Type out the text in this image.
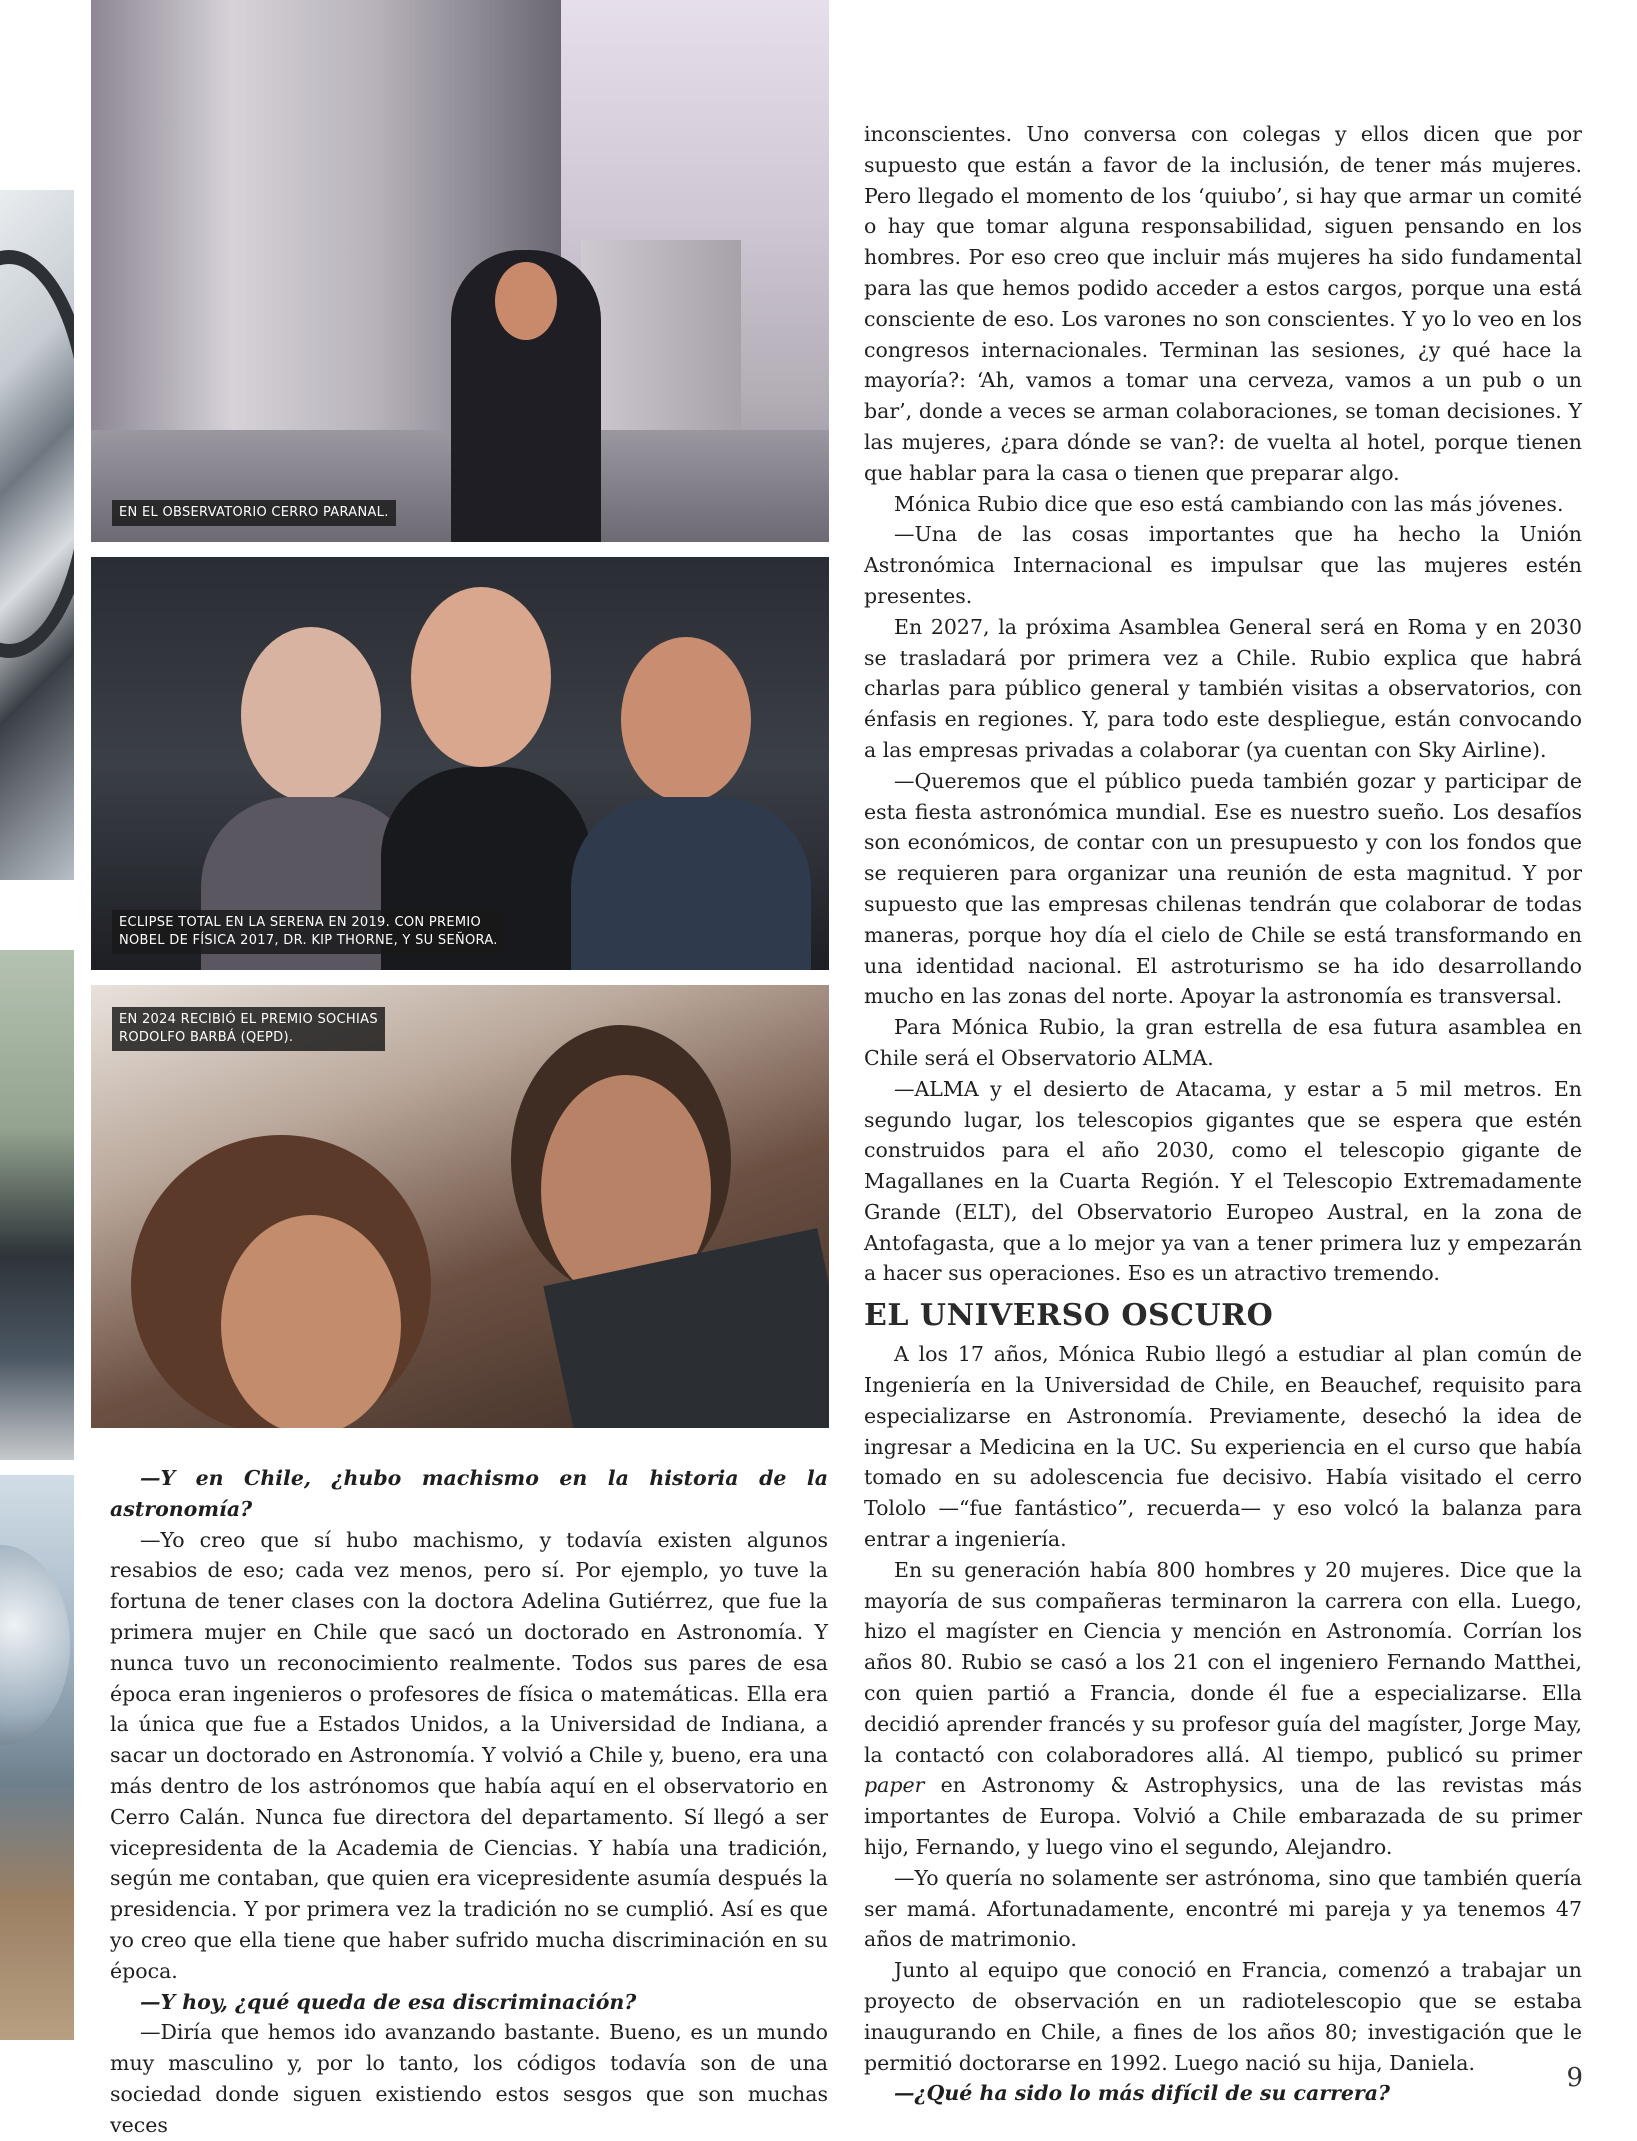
EN EL OBSERVATORIO CERRO PARANAL.
ECLIPSE TOTAL EN LA SERENA EN 2019. CON PREMIO
NOBEL DE FÍSICA 2017, DR. KIP THORNE, Y SU SEÑORA.
EN 2024 RECIBIÓ EL PREMIO SOCHIAS
RODOLFO BARBÁ (QEPD).

—Y en Chile, ¿hubo machismo en la historia de la astronomía?

—Yo creo que sí hubo machismo, y todavía existen algunos resabios de eso; cada vez menos, pero sí. Por ejemplo, yo tuve la fortuna de tener clases con la doctora Adelina Gutiérrez, que fue la primera mujer en Chile que sacó un doctorado en Astronomía. Y nunca tuvo un reconocimiento realmente. Todos sus pares de esa época eran ingenieros o profesores de física o matemáticas. Ella era la única que fue a Estados Unidos, a la Universidad de Indiana, a sacar un doctorado en Astronomía. Y volvió a Chile y, bueno, era una más dentro de los astrónomos que había aquí en el observatorio en Cerro Calán. Nunca fue directora del departamento. Sí llegó a ser vicepresidenta de la Academia de Ciencias. Y había una tradición, según me contaban, que quien era vicepresidente asumía después la presidencia. Y por primera vez la tradición no se cumplió. Así es que yo creo que ella tiene que haber sufrido mucha discriminación en su época.

—Y hoy, ¿qué queda de esa discriminación?

—Diría que hemos ido avanzando bastante. Bueno, es un mundo muy masculino y, por lo tanto, los códigos todavía son de una sociedad donde siguen existiendo estos sesgos que son muchas veces

inconscientes. Uno conversa con colegas y ellos dicen que por supuesto que están a favor de la inclusión, de tener más mujeres. Pero llegado el momento de los ‘quiubo’, si hay que armar un comité o hay que tomar alguna responsabilidad, siguen pensando en los hombres. Por eso creo que incluir más mujeres ha sido fundamental para las que hemos podido acceder a estos cargos, porque una está consciente de eso. Los varones no son conscientes. Y yo lo veo en los congresos internacionales. Terminan las sesiones, ¿y qué hace la mayoría?: ‘Ah, vamos a tomar una cerveza, vamos a un pub o un bar’, donde a veces se arman colaboraciones, se toman decisiones. Y las mujeres, ¿para dónde se van?: de vuelta al hotel, porque tienen que hablar para la casa o tienen que preparar algo.

Mónica Rubio dice que eso está cambiando con las más jóvenes.

—Una de las cosas importantes que ha hecho la Unión Astronómica Internacional es impulsar que las mujeres estén presentes.

En 2027, la próxima Asamblea General será en Roma y en 2030 se trasladará por primera vez a Chile. Rubio explica que habrá charlas para público general y también visitas a observatorios, con énfasis en regiones. Y, para todo este despliegue, están convocando a las empresas privadas a colaborar (ya cuentan con Sky Airline).

—Queremos que el público pueda también gozar y participar de esta fiesta astronómica mundial. Ese es nuestro sueño. Los desafíos son económicos, de contar con un presupuesto y con los fondos que se requieren para organizar una reunión de esta magnitud. Y por supuesto que las empresas chilenas tendrán que colaborar de todas maneras, porque hoy día el cielo de Chile se está transformando en una identidad nacional. El astroturismo se ha ido desarrollando mucho en las zonas del norte. Apoyar la astronomía es transversal.

Para Mónica Rubio, la gran estrella de esa futura asamblea en Chile será el Observatorio ALMA.

—ALMA y el desierto de Atacama, y estar a 5 mil metros. En segundo lugar, los telescopios gigantes que se espera que estén construidos para el año 2030, como el telescopio gigante de Magallanes en la Cuarta Región. Y el Telescopio Extremadamente Grande (ELT), del Observatorio Europeo Austral, en la zona de Antofagasta, que a lo mejor ya van a tener primera luz y empezarán a hacer sus operaciones. Eso es un atractivo tremendo.

EL UNIVERSO OSCURO

A los 17 años, Mónica Rubio llegó a estudiar al plan común de Ingeniería en la Universidad de Chile, en Beauchef, requisito para especializarse en Astronomía. Previamente, desechó la idea de ingresar a Medicina en la UC. Su experiencia en el curso que había tomado en su adolescencia fue decisivo. Había visitado el cerro Tololo —“fue fantástico”, recuerda— y eso volcó la balanza para entrar a ingeniería.

En su generación había 800 hombres y 20 mujeres. Dice que la mayoría de sus compañeras terminaron la carrera con ella. Luego, hizo el magíster en Ciencia y mención en Astronomía. Corrían los años 80. Rubio se casó a los 21 con el ingeniero Fernando Matthei, con quien partió a Francia, donde él fue a especializarse. Ella decidió aprender francés y su profesor guía del magíster, Jorge May, la contactó con colaboradores allá. Al tiempo, publicó su primer paper en Astronomy & Astrophysics, una de las revistas más importantes de Europa. Volvió a Chile embarazada de su primer hijo, Fernando, y luego vino el segundo, Alejandro.

—Yo quería no solamente ser astrónoma, sino que también quería ser mamá. Afortunadamente, encontré mi pareja y ya tenemos 47 años de matrimonio.

Junto al equipo que conoció en Francia, comenzó a trabajar un proyecto de observación en un radiotelescopio que se estaba inaugurando en Chile, a fines de los años 80; investigación que le permitió doctorarse en 1992. Luego nació su hija, Daniela.

—¿Qué ha sido lo más difícil de su carrera?

9
